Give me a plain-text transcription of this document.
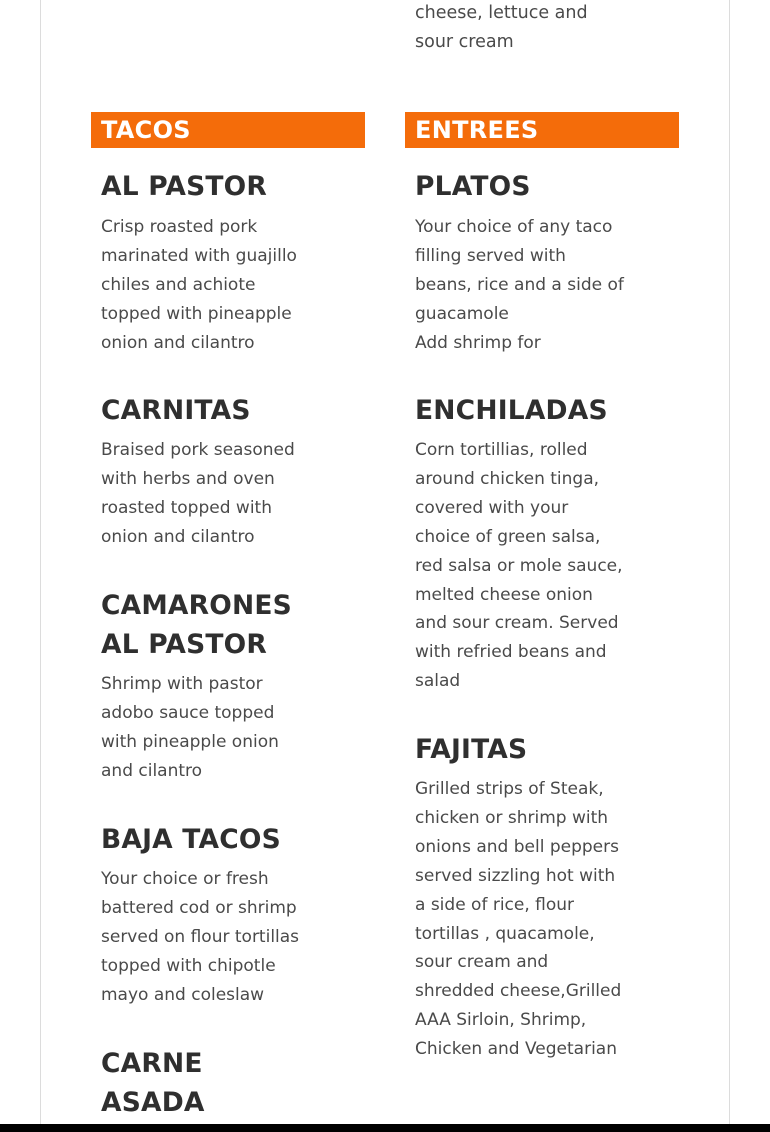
cheese, lettuce and
sour cream

TACOS
AL PASTOR

Crisp roasted pork marinated with guajillo chiles and achiote topped with pineapple onion and cilantro

CARNITAS

Braised pork seasoned with herbs and oven roasted topped with onion and cilantro

CAMARONES AL PASTOR

Shrimp with pastor adobo sauce topped with pineapple onion and cilantro

BAJA TACOS

Your choice or fresh battered cod or shrimp served on flour tortillas topped with chipotle mayo and coleslaw

CARNE ASADA
ENTREES
PLATOS

Your choice of any taco filling served with beans, rice and a side of guacamole
Add shrimp for

ENCHILADAS

Corn tortillias, rolled around chicken tinga, covered with your choice of green salsa, red salsa or mole sauce, melted cheese onion and sour cream. Served with refried beans and salad

FAJITAS

Grilled strips of Steak, chicken or shrimp with onions and bell peppers served sizzling hot with a side of rice, flour tortillas , quacamole, sour cream and shredded cheese,Grilled AAA Sirloin, Shrimp, Chicken and Vegetarian
